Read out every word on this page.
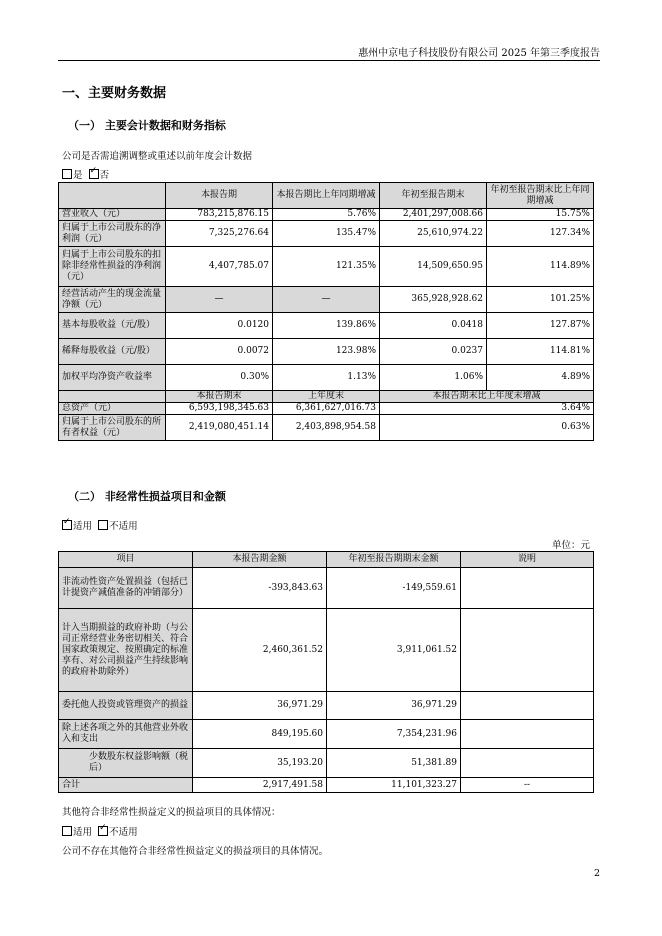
惠州中京电子科技股份有限公司 2025 年第三季度报告
一、主要财务数据
（一） 主要会计数据和财务指标
公司是否需追溯调整或重述以前年度会计数据
是 ✓ 否
	本报告期	本报告期比上年同期增减	年初至报告期末	年初至报告期末比上年同期增减
营业收入（元）	783,215,876.15	5.76%	2,401,297,008.66	15.75%
归属于上市公司股东的净利润（元）	7,325,276.64	135.47%	25,610,974.22	127.34%
归属于上市公司股东的扣除非经常性损益的净利润（元）	4,407,785.07	121.35%	14,509,650.95	114.89%
经营活动产生的现金流量净额（元）	—	—	365,928,928.62	101.25%
基本每股收益（元/股）	0.0120	139.86%	0.0418	127.87%
稀释每股收益（元/股）	0.0072	123.98%	0.0237	114.81%
加权平均净资产收益率	0.30%	1.13%	1.06%	4.89%
	本报告期末	上年度末	本报告期末比上年度末增减	
总资产（元）	6,593,198,345.63	6,361,627,016.73	3.64%	
归属于上市公司股东的所有者权益（元）	2,419,080,451.14	2,403,898,954.58	0.63%	
（二） 非经常性损益项目和金额
✓适用 不适用
单位：元
项目	本报告期金额	年初至报告期期末金额	说明
非流动性资产处置损益（包括已计提资产减值准备的冲销部分）	-393,843.63	-149,559.61	
计入当期损益的政府补助（与公司正常经营业务密切相关、符合国家政策规定、按照确定的标准享有、对公司损益产生持续影响的政府补助除外）	2,460,361.52	3,911,061.52	
委托他人投资或管理资产的损益	36,971.29	36,971.29	
除上述各项之外的其他营业外收入和支出	849,195.60	7,354,231.96	
少数股东权益影响额（税后）	35,193.20	51,381.89	
合计	2,917,491.58	11,101,323.27	--
其他符合非经常性损益定义的损益项目的具体情况：
适用 ✓ 不适用
公司不存在其他符合非经常性损益定义的损益项目的具体情况。
2
